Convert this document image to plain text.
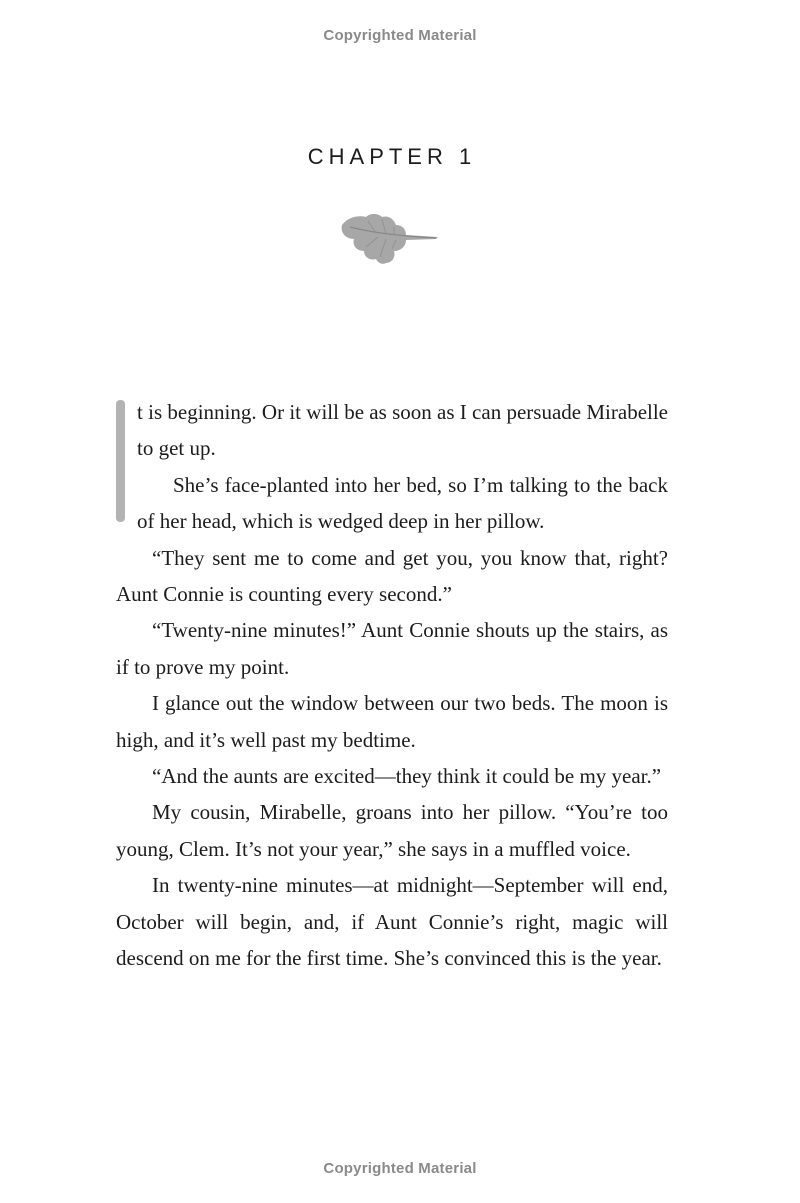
Copyrighted Material
CHAPTER 1

t is beginning. Or it will be as soon as I can persuade Mirabelle to get up.

She’s face-planted into her bed, so I’m talking to the back of her head, which is wedged deep in her pillow.

“They sent me to come and get you, you know that, right? Aunt Connie is counting every second.”

“Twenty-nine minutes!” Aunt Connie shouts up the stairs, as if to prove my point.

I glance out the window between our two beds. The moon is high, and it’s well past my bedtime.

“And the aunts are excited—they think it could be my year.”

My cousin, Mirabelle, groans into her pillow. “You’re too young, Clem. It’s not your year,” she says in a muffled voice.

In twenty-nine minutes—at midnight—September will end, October will begin, and, if Aunt Connie’s right, magic will descend on me for the first time. She’s convinced this is the year.

Copyrighted Material
